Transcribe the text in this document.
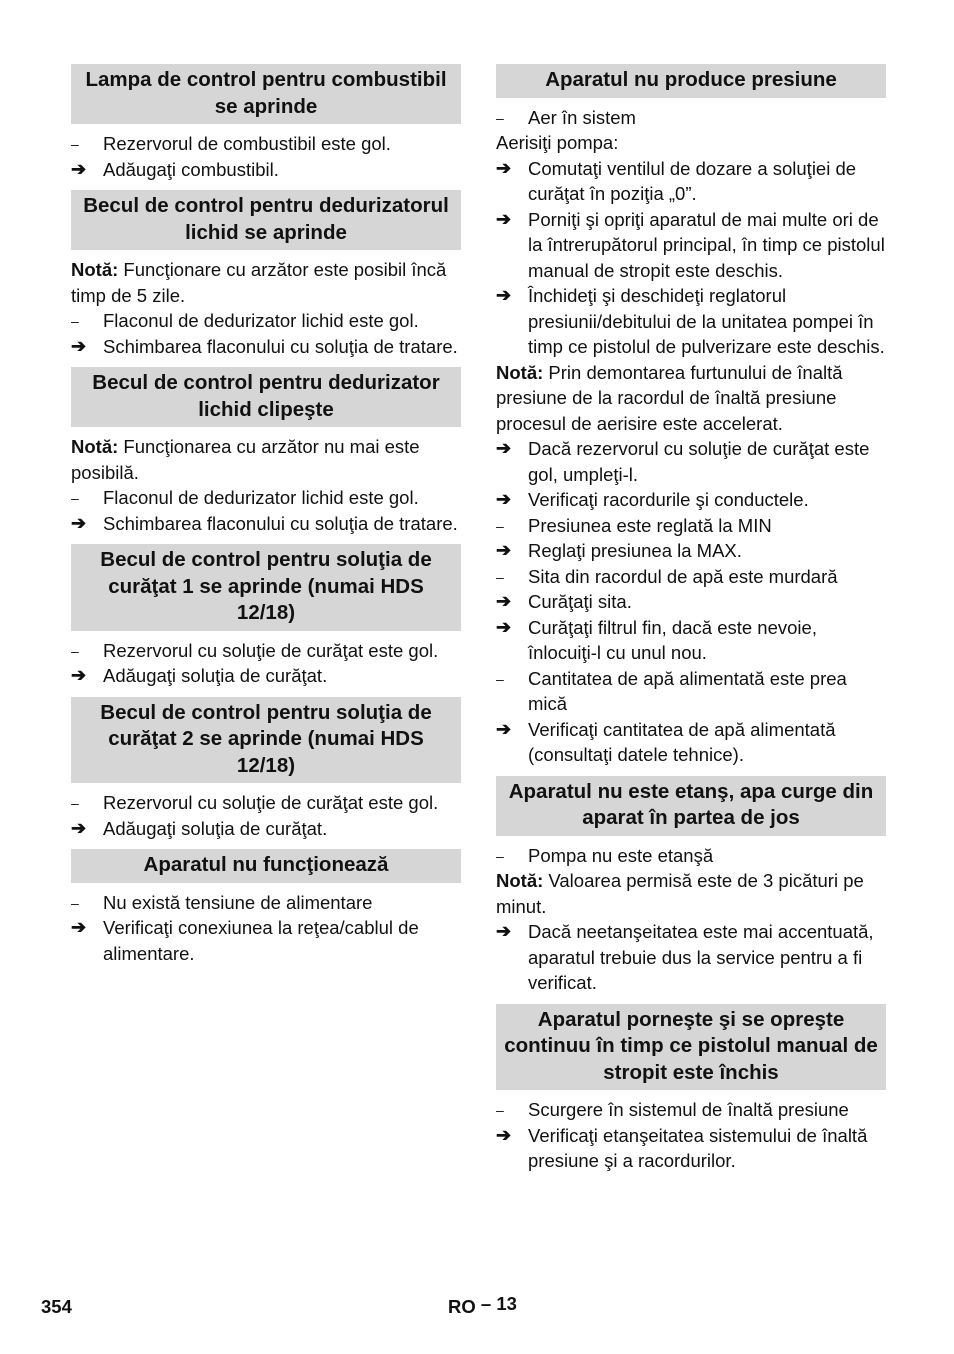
Lampa de control pentru combustibil se aprinde
–	Rezervorul de combustibil este gol.
➔ Adăugaţi combustibil.
Becul de control pentru dedurizatorul lichid se aprinde

Notă: Funcţionare cu arzător este posibil încă timp de 5 zile.

–	Flaconul de dedurizator lichid este gol.
➔ Schimbarea flaconului cu soluţia de tratare.
Becul de control pentru dedurizator lichid clipeşte

Notă: Funcţionarea cu arzător nu mai este posibilă.

–	Flaconul de dedurizator lichid este gol.
➔ Schimbarea flaconului cu soluţia de tratare.
Becul de control pentru soluţia de curăţat 1 se aprinde (numai HDS 12/18)
–	Rezervorul cu soluţie de curăţat este gol.
➔ Adăugaţi soluţia de curăţat.
Becul de control pentru soluţia de curăţat 2 se aprinde (numai HDS 12/18)
–	Rezervorul cu soluţie de curăţat este gol.
➔ Adăugaţi soluţia de curăţat.
Aparatul nu funcţionează
–	Nu există tensiune de alimentare
➔ Verificaţi conexiunea la reţea/cablul de alimentare.
Aparatul nu produce presiune
–	Aer în sistem

Aerisiţi pompa:

➔ Comutaţi ventilul de dozare a soluţiei de curăţat în poziţia „0”.
➔ Porniţi şi opriţi aparatul de mai multe ori de la întrerupătorul principal, în timp ce pistolul manual de stropit este deschis.
➔ Închideţi şi deschideţi reglatorul presiunii/debitului de la unitatea pompei în timp ce pistolul de pulverizare este deschis.

Notă: Prin demontarea furtunului de înaltă presiune de la racordul de înaltă presiune procesul de aerisire este accelerat.

➔ Dacă rezervorul cu soluţie de curăţat este gol, umpleţi-l.
➔ Verificaţi racordurile şi conductele.
–	Presiunea este reglată la MIN
➔ Reglaţi presiunea la MAX.
–	Sita din racordul de apă este murdară
➔ Curăţaţi sita.
➔ Curăţaţi filtrul fin, dacă este nevoie, înlocuiţi-l cu unul nou.
–	Cantitatea de apă alimentată este prea mică
➔ Verificaţi cantitatea de apă alimentată (consultaţi datele tehnice).
Aparatul nu este etanş, apa curge din aparat în partea de jos
–	Pompa nu este etanşă

Notă: Valoarea permisă este de 3 picături pe minut.

➔ Dacă neetanşeitatea este mai accentuată, aparatul trebuie dus la service pentru a fi verificat.
Aparatul porneşte şi se opreşte continuu în timp ce pistolul manual de stropit este închis
–	Scurgere în sistemul de înaltă presiune
➔ Verificaţi etanşeitatea sistemului de înaltă presiune şi a racordurilor.
354	RO – 13
